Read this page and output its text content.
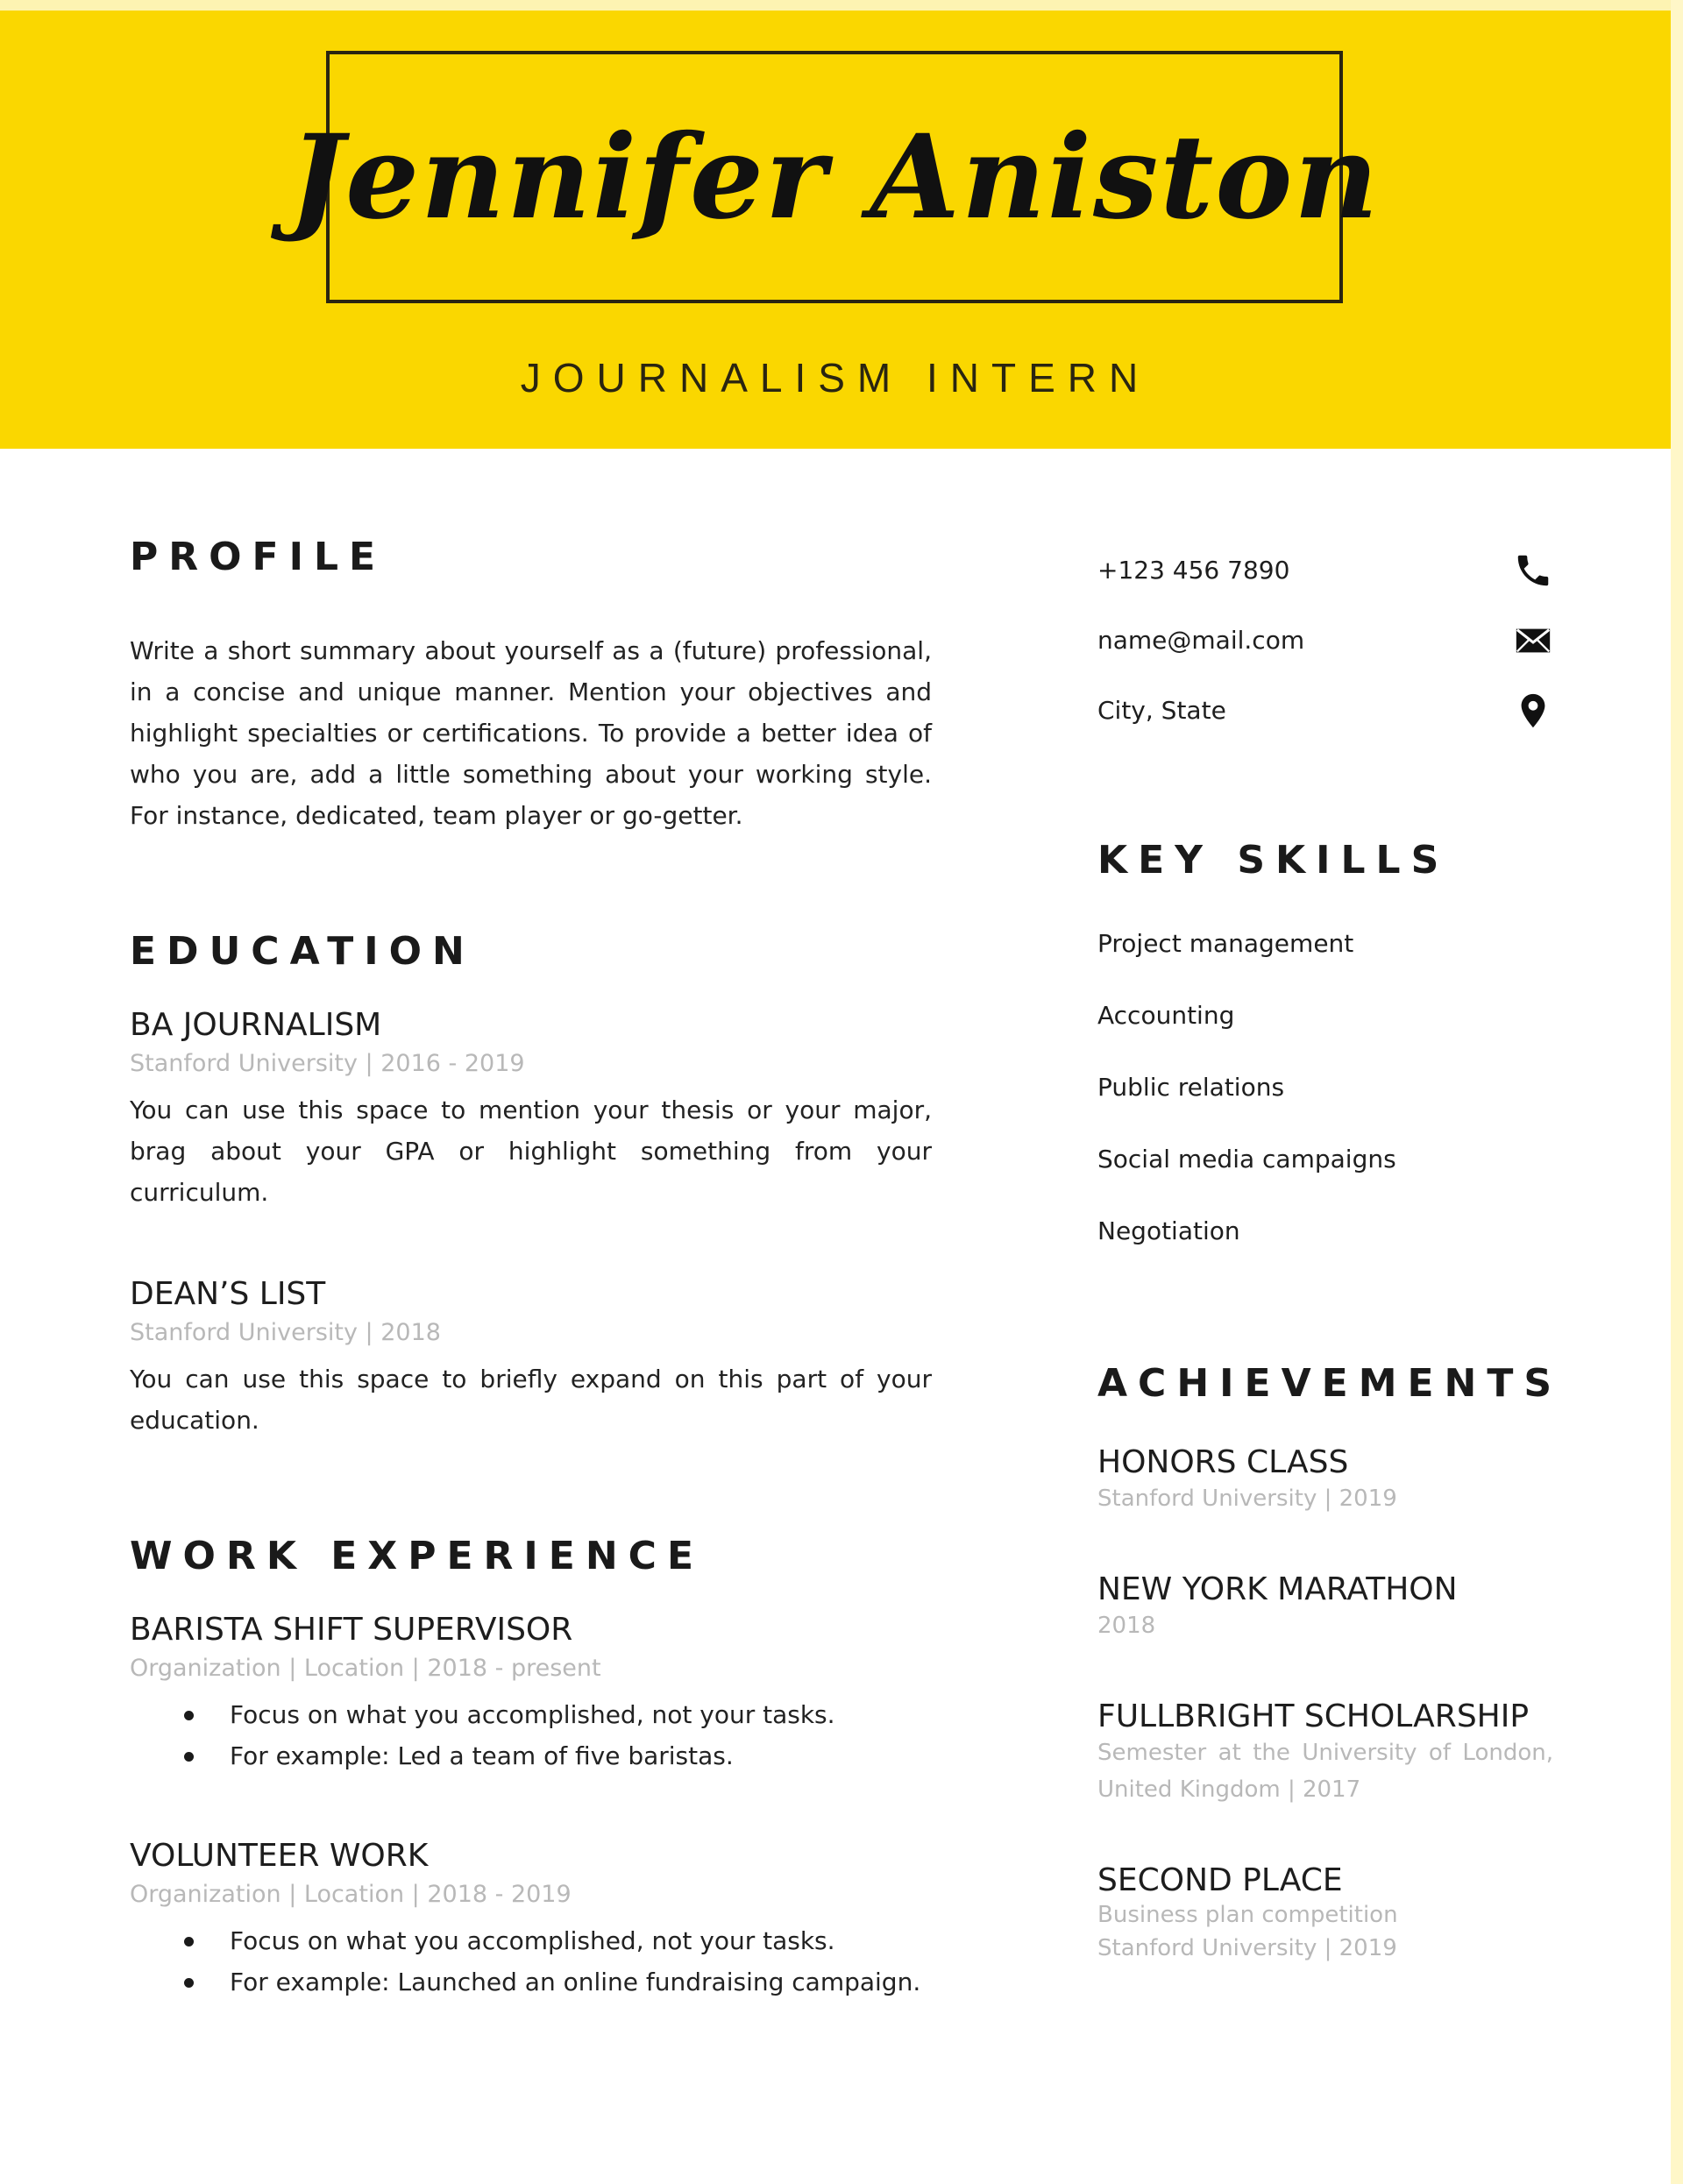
Jennifer Aniston
JOURNALISM INTERN
PROFILE

Write a short summary about yourself as a (future) professional, in a concise and unique manner. Mention your objectives and highlight specialties or certifications. To provide a better idea of who you are, add a little something about your working style. For instance, dedicated, team player or go-getter.

EDUCATION

BA JOURNALISM

Stanford University | 2016 - 2019

You can use this space to mention your thesis or your major, brag about your GPA or highlight something from your curriculum.

DEAN’S LIST

Stanford University | 2018

You can use this space to briefly expand on this part of your education.

WORK EXPERIENCE

BARISTA SHIFT SUPERVISOR

Organization | Location | 2018 - present

Focus on what you accomplished, not your tasks.
For example: Led a team of five baristas.

VOLUNTEER WORK

Organization | Location | 2018 - 2019

Focus on what you accomplished, not your tasks.
For example: Launched an online fundraising campaign.
+123 456 7890
name@mail.com
City, State
KEY SKILLS
Project management
Accounting
Public relations
Social media campaigns
Negotiation
ACHIEVEMENTS

HONORS CLASS

Stanford University | 2019

NEW YORK MARATHON

2018

FULLBRIGHT SCHOLARSHIP

Semester at the University of London, United Kingdom | 2017

SECOND PLACE

Business plan competition

Stanford University | 2019
